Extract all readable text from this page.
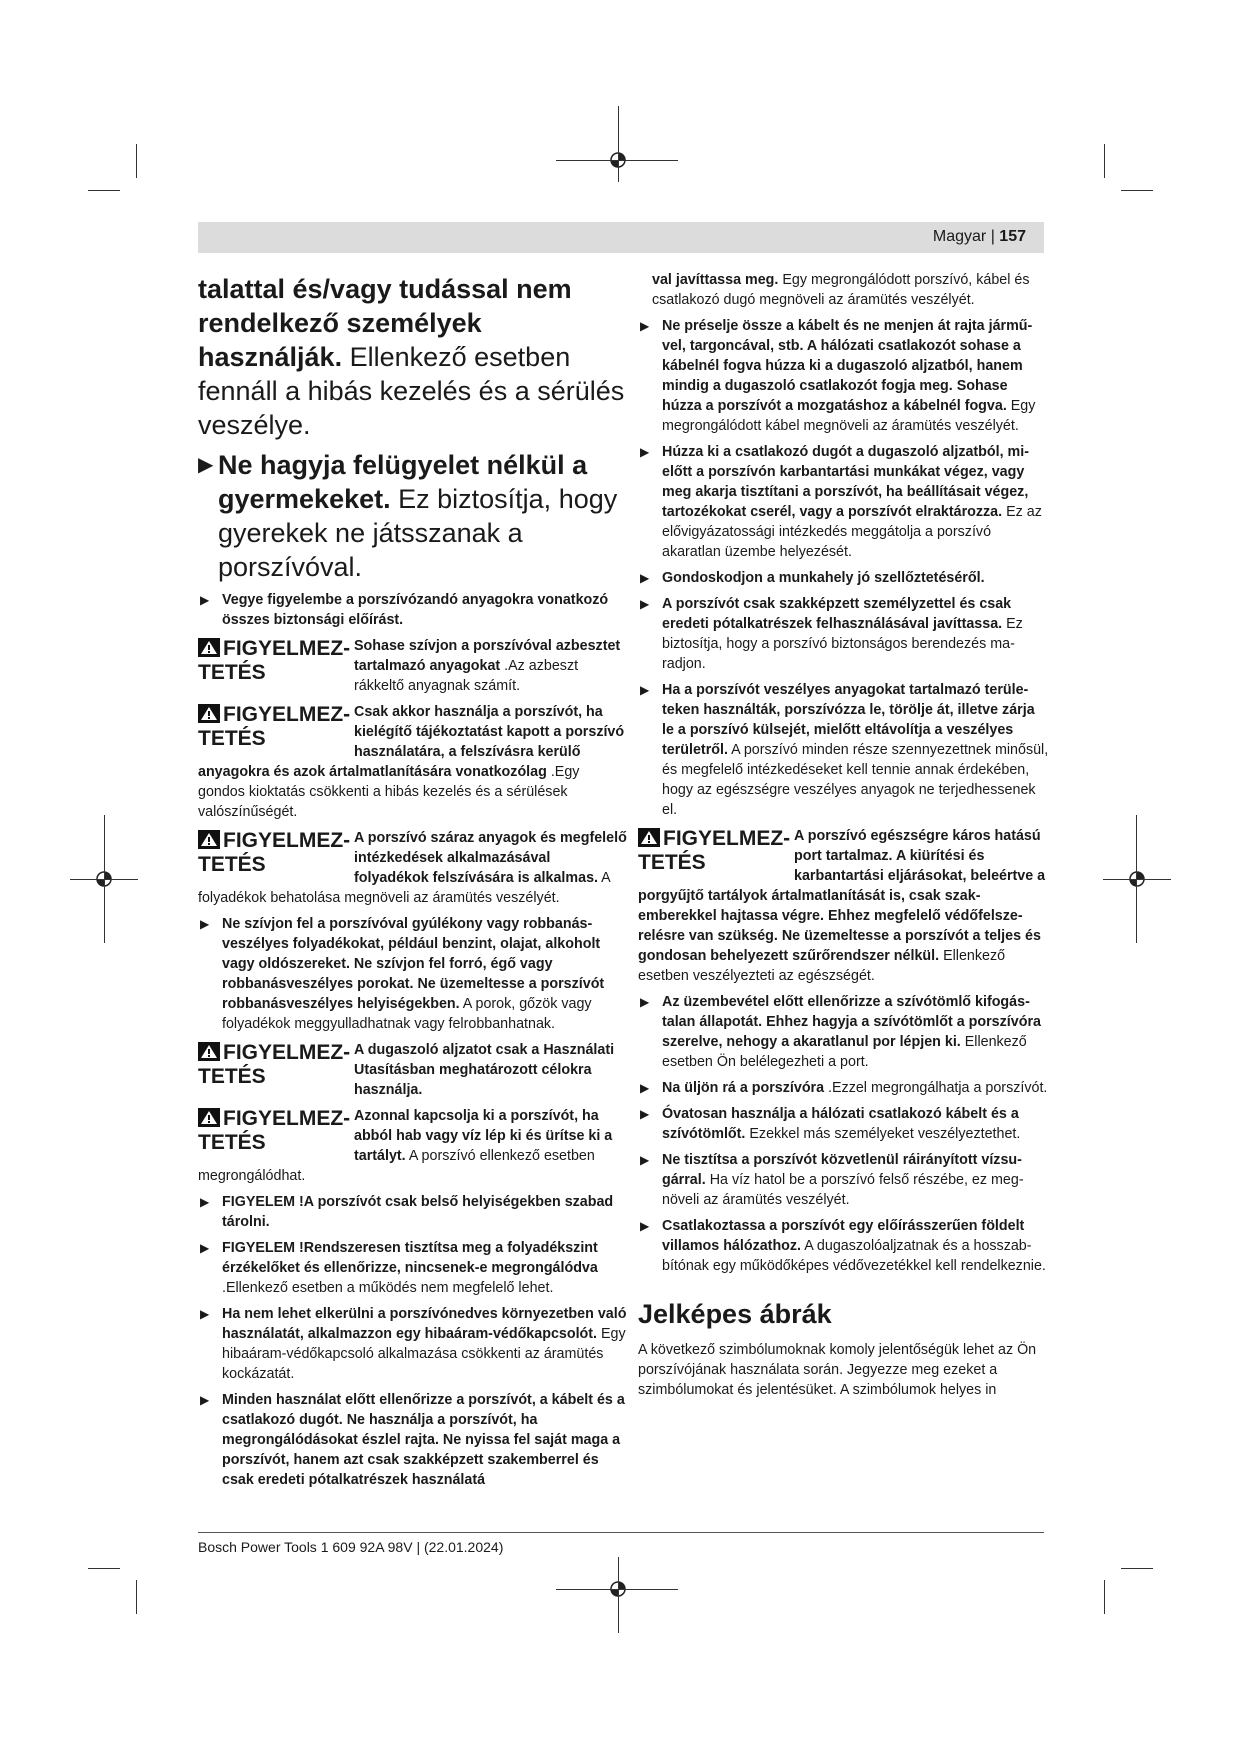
Magyar | 157

talattal és/vagy tudással nem rendelkező személyek használják. Ellenkező esetben fennáll a hibás kezelés és a sérülés veszélye.

▶ Ne hagyja felügyelet nélkül a gyermekeket. Ez biztosítja, hogy gyerekek ne játsszanak a porszívóval.

▶ Vegye figyelembe a porszívózandó anyagokra vonatkozó összes biztonsági előírást.

FIGYELMEZTETÉS
Sohase szívjon a porszívóval azbesztet tartalmazó anyagokat .Az azbeszt rákkeltő anyagnak számít.
FIGYELMEZTETÉS
Csak akkor használja a porszívót, ha kielégítő tájékoztatást kapott a porszívó használatára, a felszívásra kerülő anyagokra és azok ártalmatlanítására vonatkozólag .Egy gondos kioktatás csökkenti a hibás kezelés és a sérülések valószínűségét.
FIGYELMEZTETÉS
A porszívó száraz anyagok és megfelelő intézkedések alkalmazásával folyadékok felszívására is alkalmas. A folyadékok behatolása megnöveli az áramütés veszélyét.

▶ Ne szívjon fel a porszívóval gyúlékony vagy robbanásveszélyes folyadékokat, például benzint, olajat, alkoholt vagy oldószereket. Ne szívjon fel forró, égő vagy robbanásveszélyes porokat. Ne üzemeltesse a porszívót robbanásveszélyes helyiségekben. A porok, gőzök vagy folyadékok meggyulladhatnak vagy felrobbanhatnak.

FIGYELMEZTETÉS
A dugaszoló aljzatot csak a Használati Utasításban meghatározott célokra használja.
FIGYELMEZTETÉS
Azonnal kapcsolja ki a porszívót, ha abból hab vagy víz lép ki és ürítse ki a tartályt. A porszívó ellenkező esetben megrongálódhat.

▶ FIGYELEM !A porszívót csak belső helyiségekben szabad tárolni.

▶ FIGYELEM !Rendszeresen tisztítsa meg a folyadékszint érzékelőket és ellenőrizze, nincsenek-e megrongálódva .Ellenkező esetben a működés nem megfelelő lehet.

▶ Ha nem lehet elkerülni a porszívónedves környezetben való használatát, alkalmazzon egy hibaáram-védőkapcsolót. Egy hibaáram-védőkapcsoló alkalmazása csökkenti az áramütés kockázatát.

▶ Minden használat előtt ellenőrizze a porszívót, a kábelt és a csatlakozó dugót. Ne használja a porszívót, ha megrongálódásokat észlel rajta. Ne nyissa fel saját maga a porszívót, hanem azt csak szakképzett szakemberrel és csak eredeti pótalkatrészek használatá

val javíttassa meg. Egy megrongálódott porszívó, kábel és csatlakozó dugó megnöveli az áramütés veszélyét.

▶ Ne préselje össze a kábelt és ne menjen át rajta járművel, targoncával, stb. A hálózati csatlakozót sohase a kábelnél fogva húzza ki a dugaszoló aljzatból, hanem mindig a dugaszoló csatlakozót fogja meg. Sohase húzza a porszívót a mozgatáshoz a kábelnél fogva. Egy megrongálódott kábel megnöveli az áramütés veszélyét.

▶ Húzza ki a csatlakozó dugót a dugaszoló aljzatból, mielőtt a porszívón karbantartási munkákat végez, vagy meg akarja tisztítani a porszívót, ha beállításait végez, tartozékokat cserél, vagy a porszívót elraktározza. Ez az elővigyázatossági intézkedés meggátolja a porszívó akaratlan üzembe helyezését.

▶ Gondoskodjon a munkahely jó szellőztetéséről.

▶ A porszívót csak szakképzett személyzettel és csak eredeti pótalkatrészek felhasználásával javíttassa. Ez biztosítja, hogy a porszívó biztonságos berendezés maradjon.

▶ Ha a porszívót veszélyes anyagokat tartalmazó területeken használták, porszívózza le, törölje át, illetve zárja le a porszívó külsejét, mielőtt eltávolítja a veszélyes területről. A porszívó minden része szennyezettnek minősül, és megfelelő intézkedéseket kell tennie annak érdekében, hogy az egészségre veszélyes anyagok ne terjedhessenek el.

FIGYELMEZTETÉS
A porszívó egészségre káros hatású port tartalmaz. A kiürítési és karbantartási eljárásokat, beleértve a porgyűjtő tartályok ártalmatlanítását is, csak szakemberekkel hajtassa végre. Ehhez megfelelő védőfelszerelésre van szükség. Ne üzemeltesse a porszívót a teljes és gondosan behelyezett szűrőrendszer nélkül. Ellenkező esetben veszélyezteti az egészségét.

▶ Az üzembevétel előtt ellenőrizze a szívótömlő kifogástalan állapotát. Ehhez hagyja a szívótömlőt a porszívóra szerelve, nehogy a akaratlanul por lépjen ki. Ellenkező esetben Ön belélegezheti a port.

▶ Na üljön rá a porszívóra .Ezzel megrongálhatja a porszívót.

▶ Óvatosan használja a hálózati csatlakozó kábelt és a szívótömlőt. Ezekkel más személyeket veszélyeztethet.

▶ Ne tisztítsa a porszívót közvetlenül ráirányított vízsugárral. Ha víz hatol be a porszívó felső részébe, ez megnöveli az áramütés veszélyét.

▶ Csatlakoztassa a porszívót egy előírásszerűen földelt villamos hálózathoz. A dugaszolóaljzatnak és a hosszabbítónak egy működőképes védővezetékkel kell rendelkeznie.

Jelképes ábrák

A következő szimbólumoknak komoly jelentőségük lehet az Ön porszívójának használata során. Jegyezze meg ezeket a szimbólumokat és jelentésüket. A szimbólumok helyes in

Bosch Power Tools 1 609 92A 98V | (22.01.2024)
